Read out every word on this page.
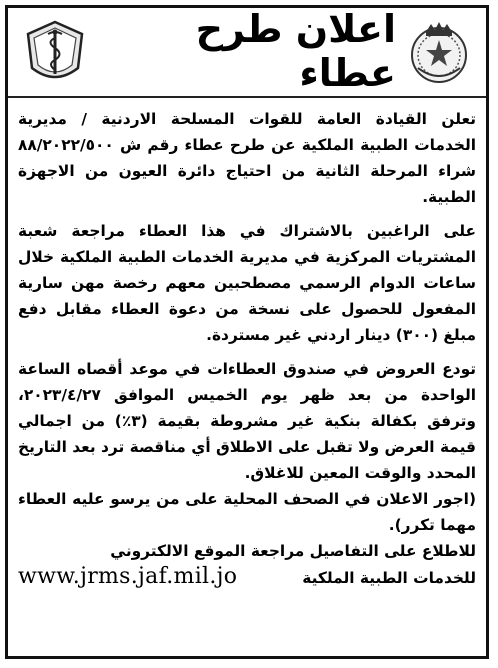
اعلان طرح عطاء

تعلن القيادة العامة للقوات المسلحة الاردنية / مديرية الخدمات الطبية الملكية عن طرح عطاء رقم ش ٨٨/٢٠٢٢/٥٠٠ شراء المرحلة الثانية من احتياج دائرة العيون من الاجهزة الطبية.

على الراغبين بالاشتراك في هذا العطاء مراجعة شعبة المشتريات المركزية في مديرية الخدمات الطبية الملكية خلال ساعات الدوام الرسمي مصطحبين معهم رخصة مهن سارية المفعول للحصول على نسخة من دعوة العطاء مقابل دفع مبلغ (٣٠٠) دينار اردني غير مستردة.

تودع العروض في صندوق العطاءات في موعد أقصاه الساعة الواحدة من بعد ظهر يوم الخميس الموافق ٢٠٢٣/٤/٢٧، وترفق بكفالة بنكية غير مشروطة بقيمة (٣٪) من اجمالي قيمة العرض ولا تقبل على الاطلاق أي مناقصة ترد بعد التاريخ المحدد والوقت المعين للاغلاق.

(اجور الاعلان في الصحف المحلية على من يرسو عليه العطاء مهما تكرر).

للاطلاع على التفاصيل مراجعة الموقع الالكتروني

للخدمات الطبية الملكية
www.jrms.jaf.mil.jo
